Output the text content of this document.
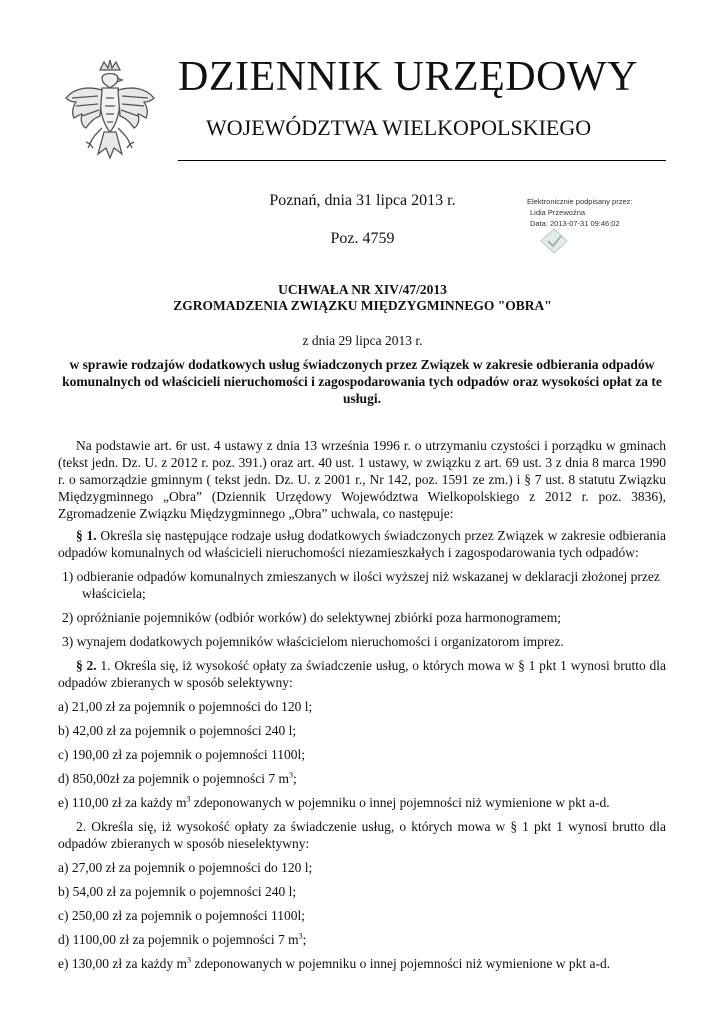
DZIENNIK URZĘDOWY
WOJEWÓDZTWA WIELKOPOLSKIEGO
Poznań, dnia 31 lipca 2013 r.
Poz. 4759
Elektronicznie podpisany przez:
Lidia Przewoźna
Data: 2013-07-31 09:46:02
UCHWAŁA NR XIV/47/2013
ZGROMADZENIA ZWIĄZKU MIĘDZYGMINNEGO "OBRA"
z dnia 29 lipca 2013 r.
w sprawie rodzajów dodatkowych usług świadczonych przez Związek w zakresie odbierania odpadów komunalnych od właścicieli nieruchomości i zagospodarowania tych odpadów oraz wysokości opłat za te usługi.

Na podstawie art. 6r ust. 4 ustawy z dnia 13 września 1996 r. o utrzymaniu czystości i porządku w gminach (tekst jedn. Dz. U. z 2012 r. poz. 391.) oraz art. 40 ust. 1 ustawy, w związku z art. 69 ust. 3 z dnia 8 marca 1990 r. o samorządzie gminnym ( tekst jedn. Dz. U. z 2001 r., Nr 142, poz. 1591 ze zm.) i § 7 ust. 8 statutu Związku Międzygminnego „Obra” (Dziennik Urzędowy Województwa Wielkopolskiego z 2012 r. poz. 3836), Zgromadzenie Związku Międzygminnego „Obra” uchwala, co następuje:

§ 1. Określa się następujące rodzaje usług dodatkowych świadczonych przez Związek w zakresie odbierania odpadów komunalnych od właścicieli nieruchomości niezamieszkałych i zagospodarowania tych odpadów:

1) odbieranie odpadów komunalnych zmieszanych w ilości wyższej niż wskazanej w deklaracji złożonej przez właściciela;

2) opróżnianie pojemników (odbiór worków) do selektywnej zbiórki poza harmonogramem;

3) wynajem dodatkowych pojemników właścicielom nieruchomości i organizatorom imprez.

§ 2. 1. Określa się, iż wysokość opłaty za świadczenie usług, o których mowa w § 1 pkt 1 wynosi brutto dla odpadów zbieranych w sposób selektywny:

a) 21,00 zł za pojemnik o pojemności do 120 l;

b) 42,00 zł za pojemnik o pojemności 240 l;

c) 190,00 zł za pojemnik o pojemności 1100l;

d) 850,00zł za pojemnik o pojemności 7 $m^3$;

e) 110,00 zł za każdy $m^3$ zdeponowanych w pojemniku o innej pojemności niż wymienione w pkt a-d.

2. Określa się, iż wysokość opłaty za świadczenie usług, o których mowa w § 1 pkt 1 wynosi brutto dla odpadów zbieranych w sposób nieselektywny:

a) 27,00 zł za pojemnik o pojemności do 120 l;

b) 54,00 zł za pojemnik o pojemności 240 l;

c) 250,00 zł za pojemnik o pojemności 1100l;

d) 1100,00 zł za pojemnik o pojemności 7 $m^3$;

e) 130,00 zł za każdy $m^3$ zdeponowanych w pojemniku o innej pojemności niż wymienione w pkt a-d.
